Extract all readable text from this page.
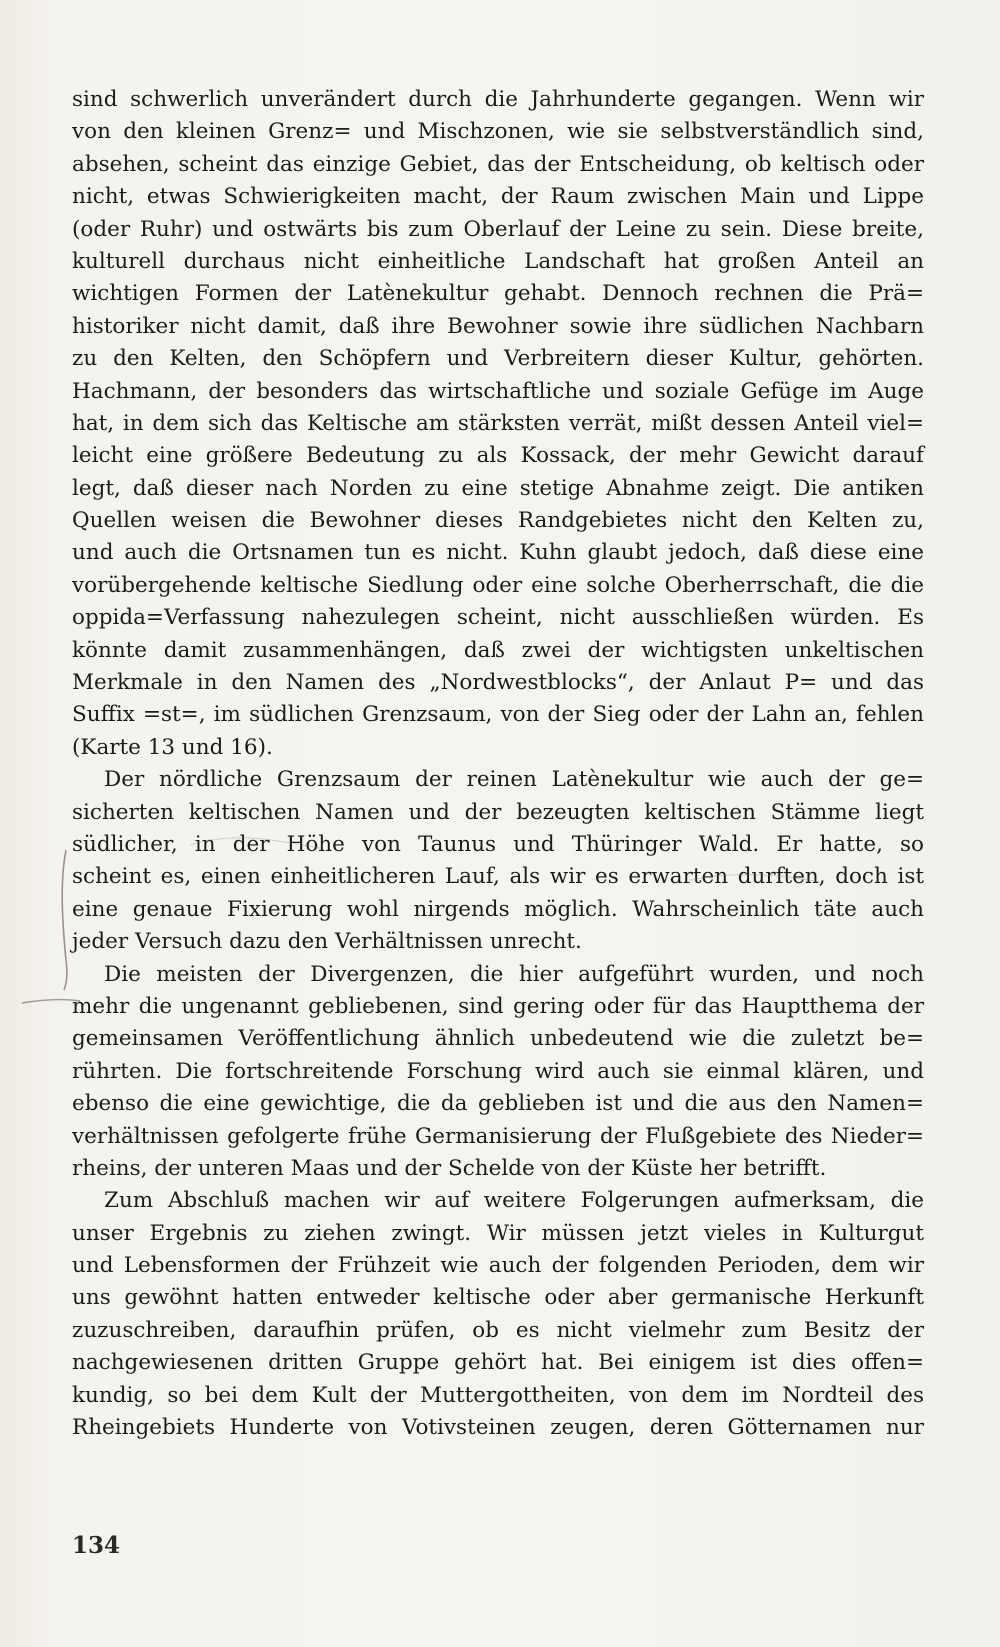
sind schwerlich unverändert durch die Jahrhunderte gegangen. Wenn wir
von den kleinen Grenz= und Mischzonen, wie sie selbstverständlich sind,
absehen, scheint das einzige Gebiet, das der Entscheidung, ob keltisch oder
nicht, etwas Schwierigkeiten macht, der Raum zwischen Main und Lippe
(oder Ruhr) und ostwärts bis zum Oberlauf der Leine zu sein. Diese breite,
kulturell durchaus nicht einheitliche Landschaft hat großen Anteil an
wichtigen Formen der Latènekultur gehabt. Dennoch rechnen die Prä=
historiker nicht damit, daß ihre Bewohner sowie ihre südlichen Nachbarn
zu den Kelten, den Schöpfern und Verbreitern dieser Kultur, gehörten.
Hachmann, der besonders das wirtschaftliche und soziale Gefüge im Auge
hat, in dem sich das Keltische am stärksten verrät, mißt dessen Anteil viel=
leicht eine größere Bedeutung zu als Kossack, der mehr Gewicht darauf
legt, daß dieser nach Norden zu eine stetige Abnahme zeigt. Die antiken
Quellen weisen die Bewohner dieses Randgebietes nicht den Kelten zu,
und auch die Ortsnamen tun es nicht. Kuhn glaubt jedoch, daß diese eine
vorübergehende keltische Siedlung oder eine solche Oberherrschaft, die die
oppida=Verfassung nahezulegen scheint, nicht ausschließen würden. Es
könnte damit zusammenhängen, daß zwei der wichtigsten unkeltischen
Merkmale in den Namen des „Nordwestblocks“, der Anlaut P= und das
Suffix =st=, im südlichen Grenzsaum, von der Sieg oder der Lahn an, fehlen
(Karte 13 und 16).
Der nördliche Grenzsaum der reinen Latènekultur wie auch der ge=
sicherten keltischen Namen und der bezeugten keltischen Stämme liegt
südlicher, in der Höhe von Taunus und Thüringer Wald. Er hatte, so
scheint es, einen einheitlicheren Lauf, als wir es erwarten durften, doch ist
eine genaue Fixierung wohl nirgends möglich. Wahrscheinlich täte auch
jeder Versuch dazu den Verhältnissen unrecht.
Die meisten der Divergenzen, die hier aufgeführt wurden, und noch
mehr die ungenannt gebliebenen, sind gering oder für das Hauptthema der
gemeinsamen Veröffentlichung ähnlich unbedeutend wie die zuletzt be=
rührten. Die fortschreitende Forschung wird auch sie einmal klären, und
ebenso die eine gewichtige, die da geblieben ist und die aus den Namen=
verhältnissen gefolgerte frühe Germanisierung der Flußgebiete des Nieder=
rheins, der unteren Maas und der Schelde von der Küste her betrifft.
Zum Abschluß machen wir auf weitere Folgerungen aufmerksam, die
unser Ergebnis zu ziehen zwingt. Wir müssen jetzt vieles in Kulturgut
und Lebensformen der Frühzeit wie auch der folgenden Perioden, dem wir
uns gewöhnt hatten entweder keltische oder aber germanische Herkunft
zuzuschreiben, daraufhin prüfen, ob es nicht vielmehr zum Besitz der
nachgewiesenen dritten Gruppe gehört hat. Bei einigem ist dies offen=
kundig, so bei dem Kult der Muttergottheiten, von dem im Nordteil des
Rheingebiets Hunderte von Votivsteinen zeugen, deren Götternamen nur
134
